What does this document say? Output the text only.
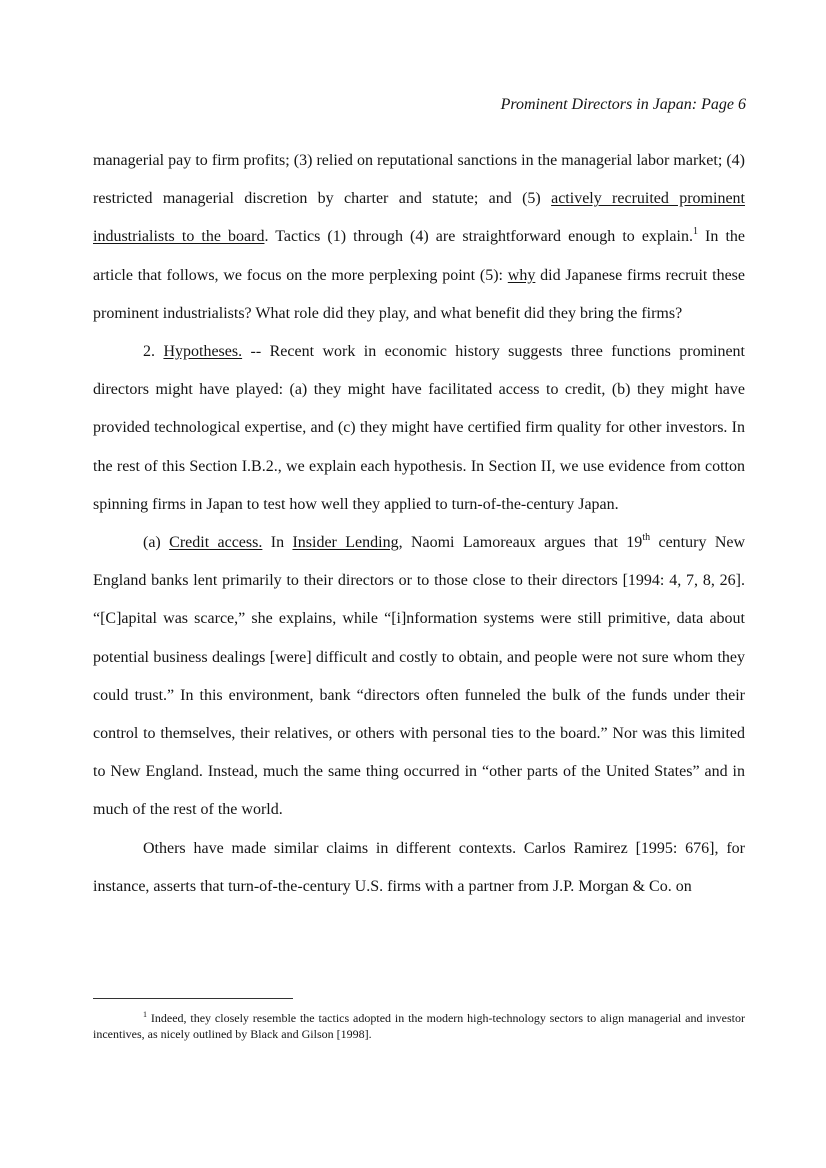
Prominent Directors in Japan: Page 6

managerial pay to firm profits; (3) relied on reputational sanctions in the managerial labor market; (4) restricted managerial discretion by charter and statute; and (5) actively recruited prominent industrialists to the board. Tactics (1) through (4) are straightforward enough to explain.$^1$ In the article that follows, we focus on the more perplexing point (5): why did Japanese firms recruit these prominent industrialists? What role did they play, and what benefit did they bring the firms?

2. Hypotheses. -- Recent work in economic history suggests three functions prominent directors might have played: (a) they might have facilitated access to credit, (b) they might have provided technological expertise, and (c) they might have certified firm quality for other investors. In the rest of this Section I.B.2., we explain each hypothesis. In Section II, we use evidence from cotton spinning firms in Japan to test how well they applied to turn-of-the-century Japan.

(a) Credit access. In Insider Lending, Naomi Lamoreaux argues that 19th century New England banks lent primarily to their directors or to those close to their directors [1994: 4, 7, 8, 26]. “[C]apital was scarce,” she explains, while “[i]nformation systems were still primitive, data about potential business dealings [were] difficult and costly to obtain, and people were not sure whom they could trust.” In this environment, bank “directors often funneled the bulk of the funds under their control to themselves, their relatives, or others with personal ties to the board.” Nor was this limited to New England. Instead, much the same thing occurred in “other parts of the United States” and in much of the rest of the world.

Others have made similar claims in different contexts. Carlos Ramirez [1995: 676], for instance, asserts that turn-of-the-century U.S. firms with a partner from J.P. Morgan & Co. on

$^1$ Indeed, they closely resemble the tactics adopted in the modern high-technology sectors to align managerial and investor incentives, as nicely outlined by Black and Gilson [1998].
